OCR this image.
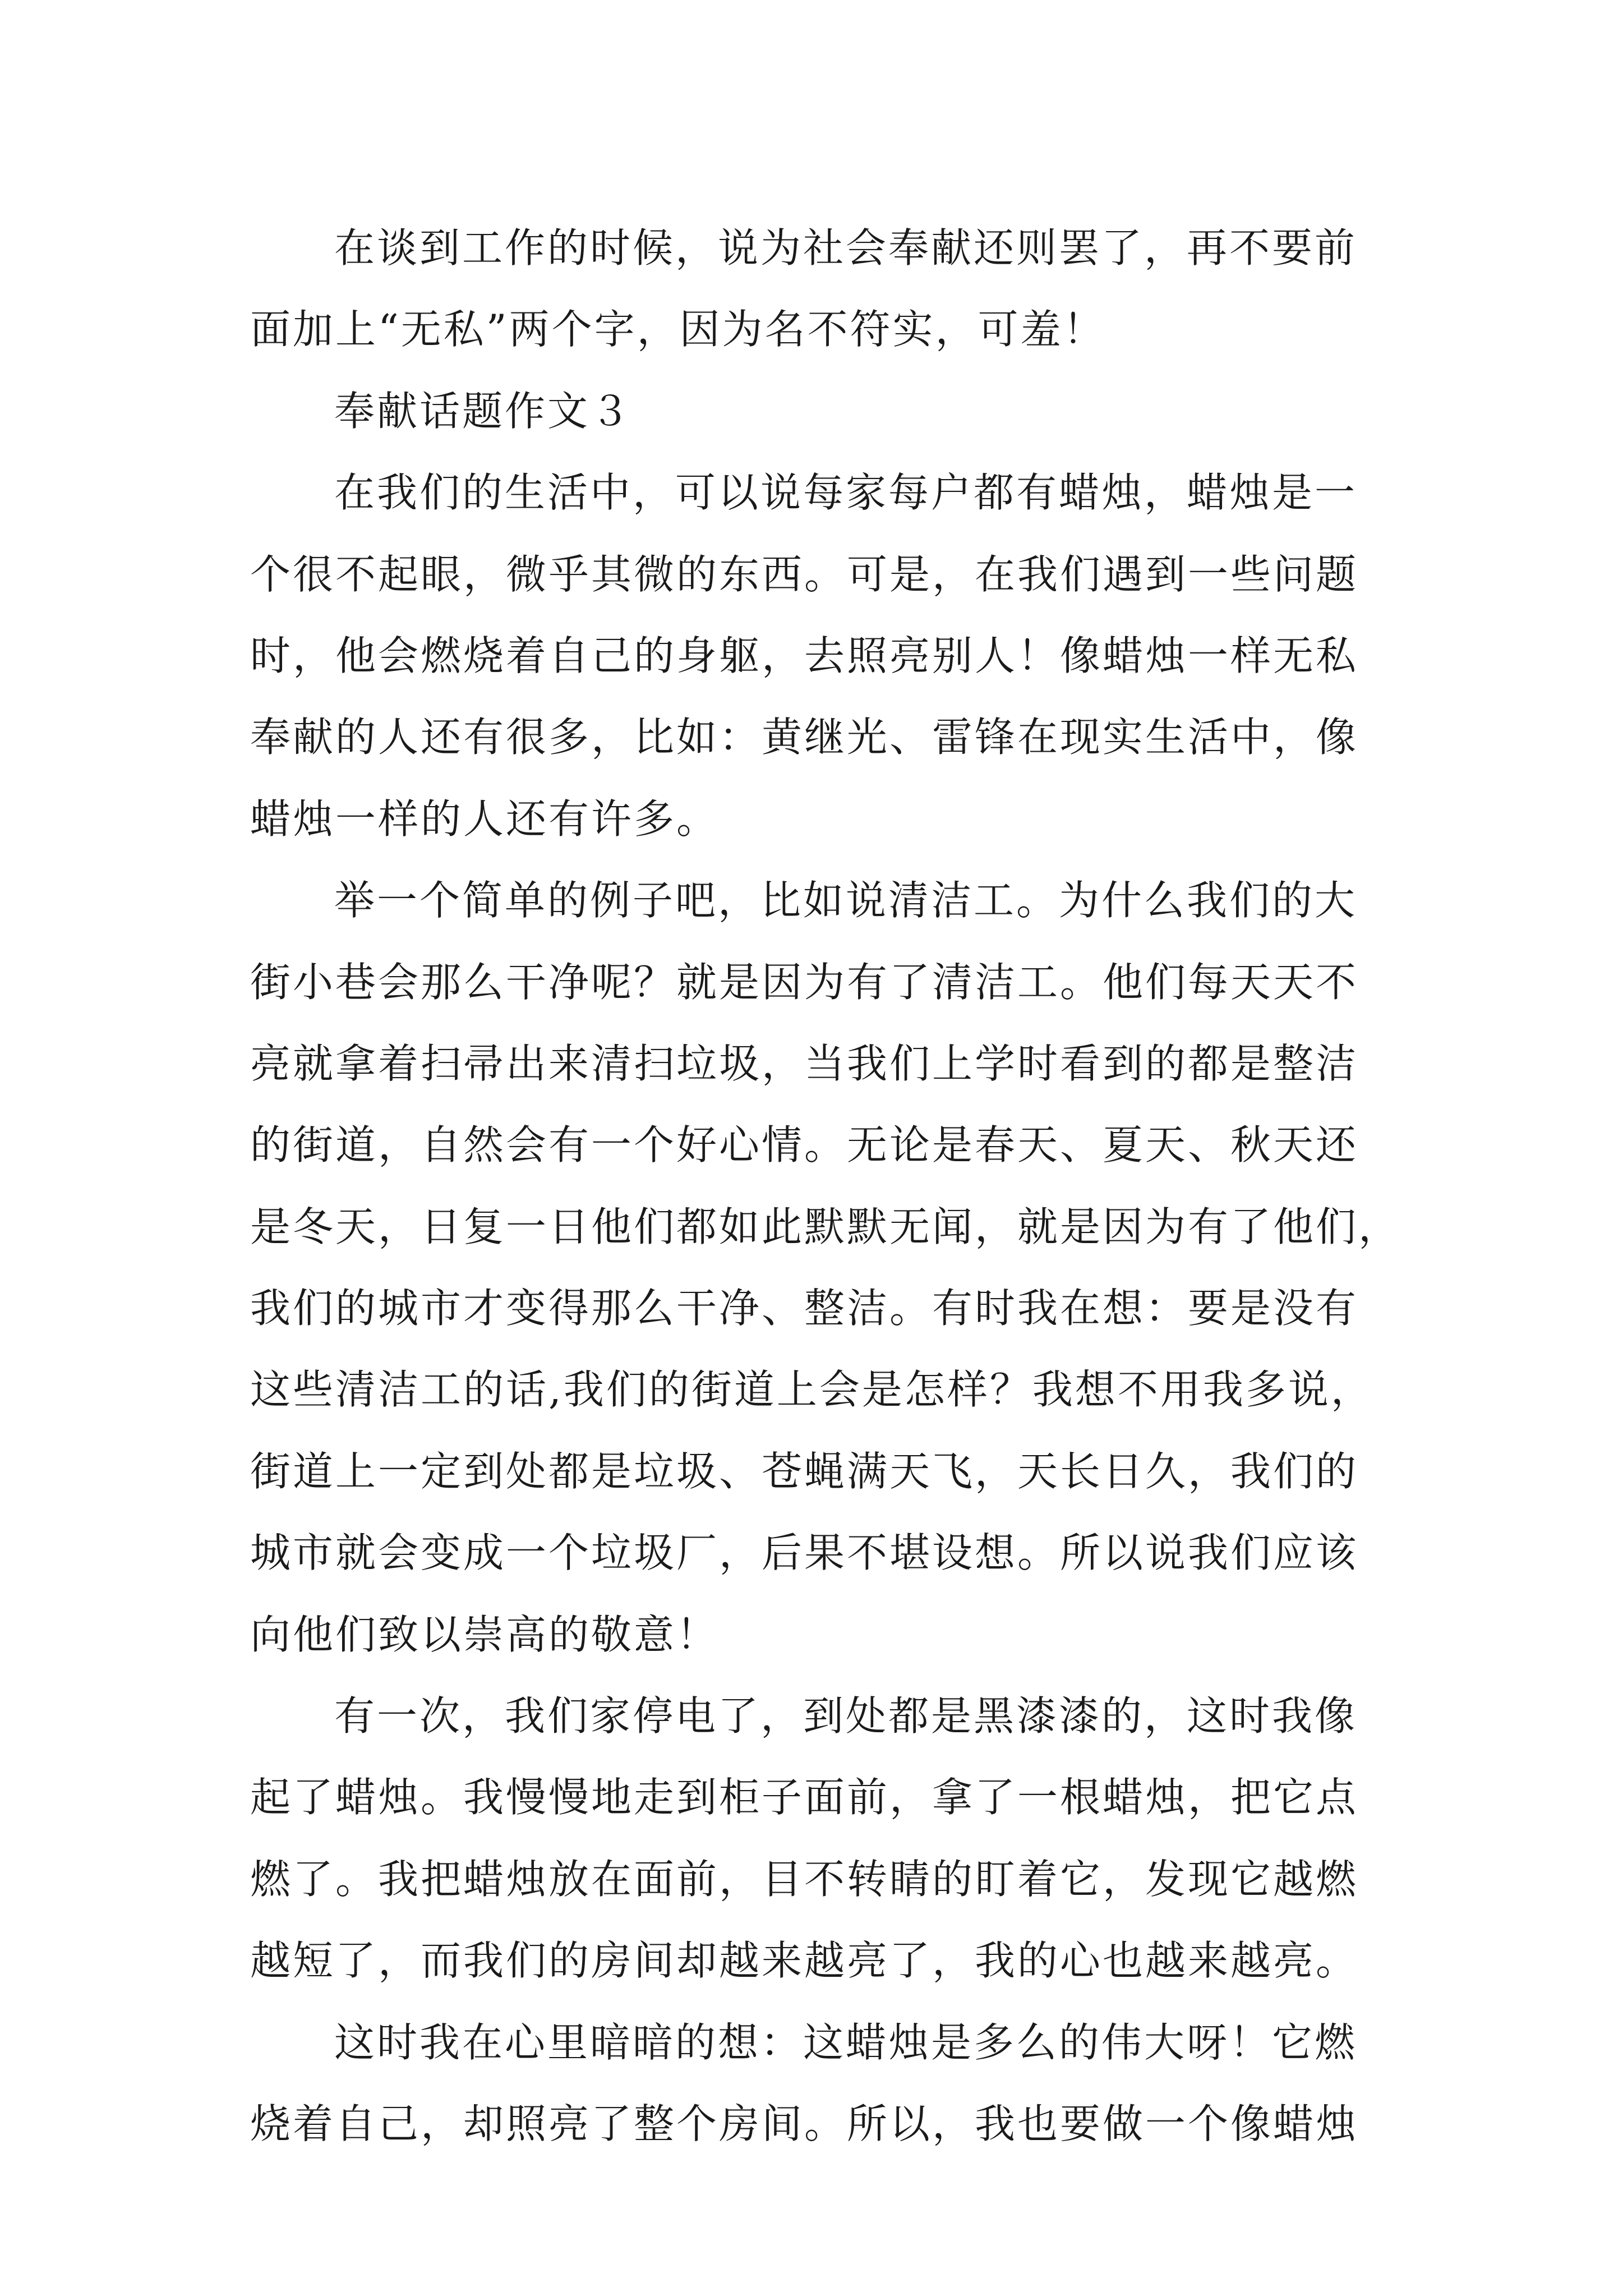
在谈到工作的时候，说为社会奉献还则罢了，再不要前
面加上“无私”两个字，因为名不符实，可羞！
奉献话题作文３
在我们的生活中，可以说每家每户都有蜡烛，蜡烛是一
个很不起眼，微乎其微的东西。可是，在我们遇到一些问题
时，他会燃烧着自己的身躯，去照亮别人！像蜡烛一样无私
奉献的人还有很多，比如：黄继光、雷锋在现实生活中，像
蜡烛一样的人还有许多。
举一个简单的例子吧，比如说清洁工。为什么我们的大
街小巷会那么干净呢？就是因为有了清洁工。他们每天天不
亮就拿着扫帚出来清扫垃圾，当我们上学时看到的都是整洁
的街道，自然会有一个好心情。无论是春天、夏天、秋天还
是冬天，日复一日他们都如此默默无闻，就是因为有了他们，
我们的城市才变得那么干净、整洁。有时我在想：要是没有
这些清洁工的话,我们的街道上会是怎样？我想不用我多说，
街道上一定到处都是垃圾、苍蝇满天飞，天长日久，我们的
城市就会变成一个垃圾厂，后果不堪设想。所以说我们应该
向他们致以崇高的敬意！
有一次，我们家停电了，到处都是黑漆漆的，这时我像
起了蜡烛。我慢慢地走到柜子面前，拿了一根蜡烛，把它点
燃了。我把蜡烛放在面前，目不转睛的盯着它，发现它越燃
越短了，而我们的房间却越来越亮了，我的心也越来越亮。
这时我在心里暗暗的想：这蜡烛是多么的伟大呀！它燃
烧着自己，却照亮了整个房间。所以，我也要做一个像蜡烛
